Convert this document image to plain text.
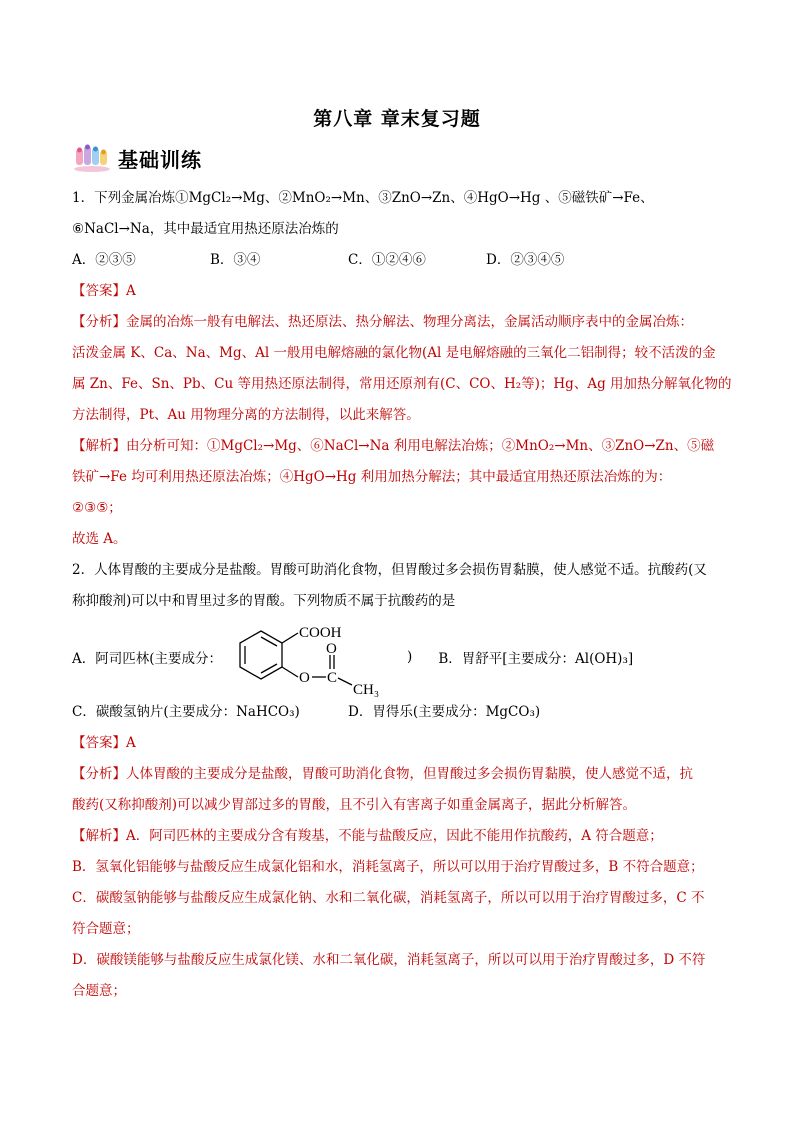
第八章 章末复习题
基础训练
1．下列金属冶炼①MgCl₂→Mg、②MnO₂→Mn、③ZnO→Zn、④HgO→Hg 、⑤磁铁矿→Fe、
⑥NaCl→Na，其中最适宜用热还原法冶炼的
A．②③⑤	B．③④	C．①②④⑥	D．②③④⑤
【答案】A
【分析】金属的冶炼一般有电解法、热还原法、热分解法、物理分离法，金属活动顺序表中的金属冶炼：
活泼金属 K、Ca、Na、Mg、Al 一般用电解熔融的氯化物(Al 是电解熔融的三氧化二铝制得；较不活泼的金
属 Zn、Fe、Sn、Pb、Cu 等用热还原法制得，常用还原剂有(C、CO、H₂等)；Hg、Ag 用加热分解氧化物的
方法制得，Pt、Au 用物理分离的方法制得，以此来解答。
【解析】由分析可知：①MgCl₂→Mg、⑥NaCl→Na 利用电解法冶炼；②MnO₂→Mn、③ZnO→Zn、⑤磁
铁矿→Fe 均可利用热还原法冶炼；④HgO→Hg 利用加热分解法；其中最适宜用热还原法冶炼的为：
②③⑤；
故选 A。
2．人体胃酸的主要成分是盐酸。胃酸可助消化食物，但胃酸过多会损伤胃黏膜，使人感觉不适。抗酸药(又
称抑酸剂)可以中和胃里过多的胃酸。下列物质不属于抗酸药的是
A．阿司匹林(主要成分：
COOH
O
O
C
CH₃
) B．胃舒平[主要成分：Al(OH)₃]
C．碳酸氢钠片(主要成分：NaHCO₃)	D．胃得乐(主要成分：MgCO₃)
【答案】A
【分析】人体胃酸的主要成分是盐酸，胃酸可助消化食物，但胃酸过多会损伤胃黏膜，使人感觉不适，抗
酸药(又称抑酸剂)可以减少胃部过多的胃酸，且不引入有害离子如重金属离子，据此分析解答。
【解析】A．阿司匹林的主要成分含有羧基，不能与盐酸反应，因此不能用作抗酸药，A 符合题意；
B．氢氧化铝能够与盐酸反应生成氯化铝和水，消耗氢离子，所以可以用于治疗胃酸过多，B 不符合题意；
C．碳酸氢钠能够与盐酸反应生成氯化钠、水和二氧化碳，消耗氢离子，所以可以用于治疗胃酸过多，C 不
符合题意；
D．碳酸镁能够与盐酸反应生成氯化镁、水和二氧化碳，消耗氢离子，所以可以用于治疗胃酸过多，D 不符
合题意；
